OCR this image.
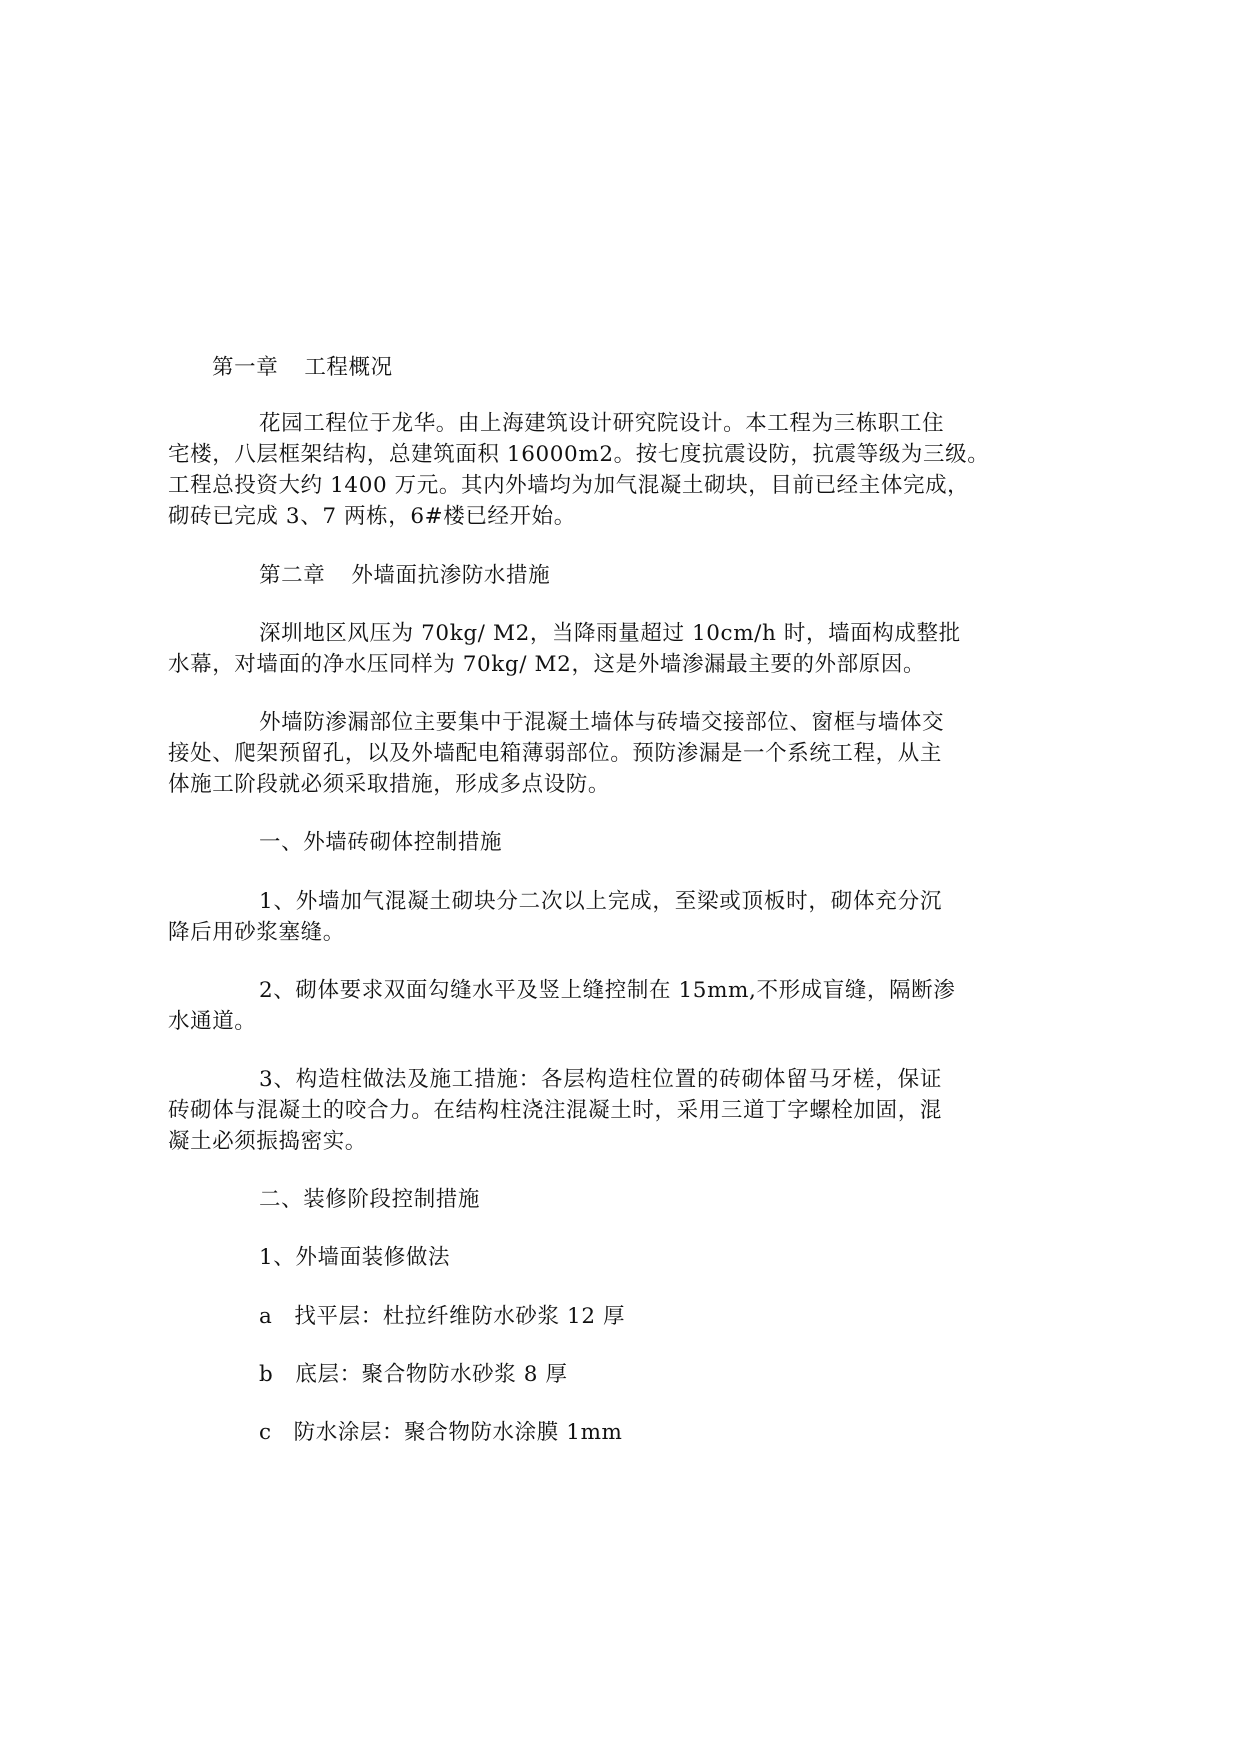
第一章 工程概况
花园工程位于龙华。由上海建筑设计研究院设计。本工程为三栋职工住
宅楼，八层框架结构，总建筑面积 16000m2。按七度抗震设防，抗震等级为三级。
工程总投资大约 1400 万元。其内外墙均为加气混凝土砌块，目前已经主体完成，
砌砖已完成 3、7 两栋，6#楼已经开始。
第二章 外墙面抗渗防水措施
深圳地区风压为 70kg/ M2，当降雨量超过 10cm/h 时，墙面构成整批
水幕，对墙面的净水压同样为 70kg/ M2，这是外墙渗漏最主要的外部原因。
外墙防渗漏部位主要集中于混凝土墙体与砖墙交接部位、窗框与墙体交
接处、爬架预留孔，以及外墙配电箱薄弱部位。预防渗漏是一个系统工程，从主
体施工阶段就必须采取措施，形成多点设防。
一、外墙砖砌体控制措施
1、外墙加气混凝土砌块分二次以上完成，至梁或顶板时，砌体充分沉
降后用砂浆塞缝。
2、砌体要求双面勾缝水平及竖上缝控制在 15mm,不形成盲缝，隔断渗
水通道。
3、构造柱做法及施工措施：各层构造柱位置的砖砌体留马牙槎，保证
砖砌体与混凝土的咬合力。在结构柱浇注混凝土时，采用三道丁字螺栓加固，混
凝土必须振捣密实。
二、装修阶段控制措施
1、外墙面装修做法
a 找平层：杜拉纤维防水砂浆 12 厚
b 底层：聚合物防水砂浆 8 厚
c 防水涂层：聚合物防水涂膜 1mm
